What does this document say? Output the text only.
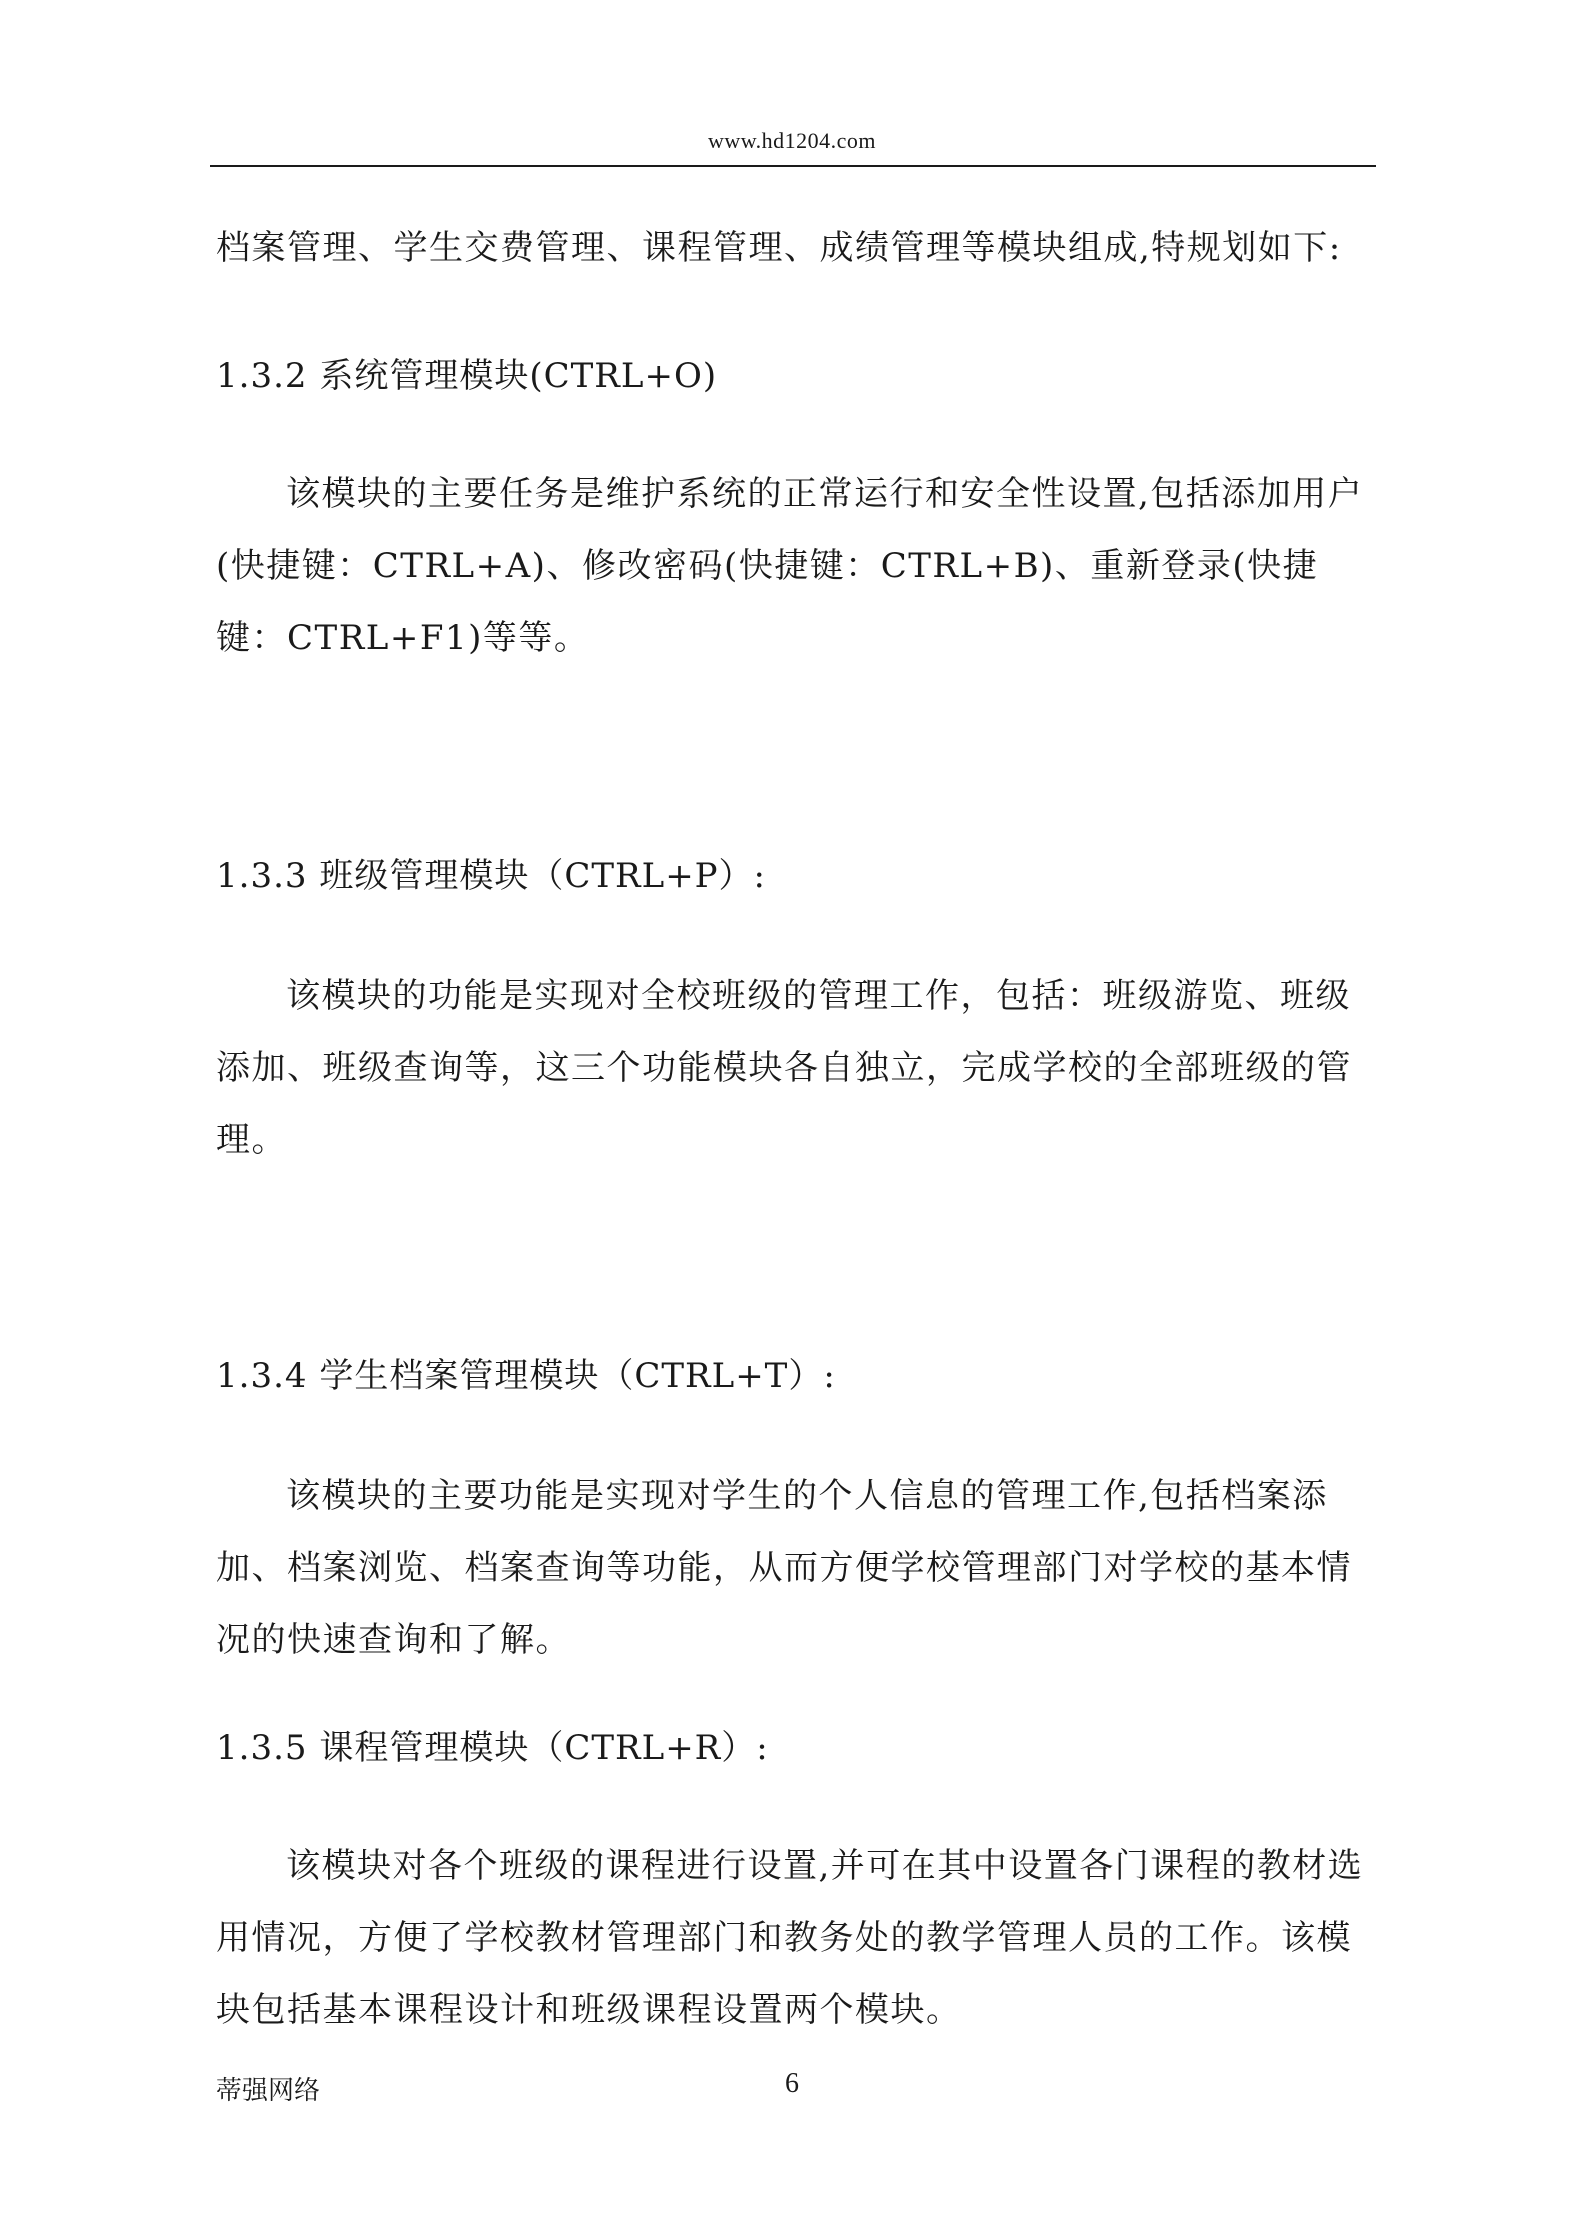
www.hd1204.com

档案管理、学生交费管理、课程管理、成绩管理等模块组成,特规划如下:

1.3.2 系统管理模块(CTRL+O)

该模块的主要任务是维护系统的正常运行和安全性设置,包括添加用户(快捷键：CTRL+A)、修改密码(快捷键：CTRL+B)、重新登录(快捷键：CTRL+F1)等等。

1.3.3 班级管理模块（CTRL+P）:

该模块的功能是实现对全校班级的管理工作，包括：班级游览、班级添加、班级查询等，这三个功能模块各自独立，完成学校的全部班级的管理。

1.3.4 学生档案管理模块（CTRL+T）:

该模块的主要功能是实现对学生的个人信息的管理工作,包括档案添加、档案浏览、档案查询等功能，从而方便学校管理部门对学校的基本情况的快速查询和了解。

1.3.5 课程管理模块（CTRL+R）:

该模块对各个班级的课程进行设置,并可在其中设置各门课程的教材选用情况，方便了学校教材管理部门和教务处的教学管理人员的工作。该模块包括基本课程设计和班级课程设置两个模块。

蒂强网络	6
